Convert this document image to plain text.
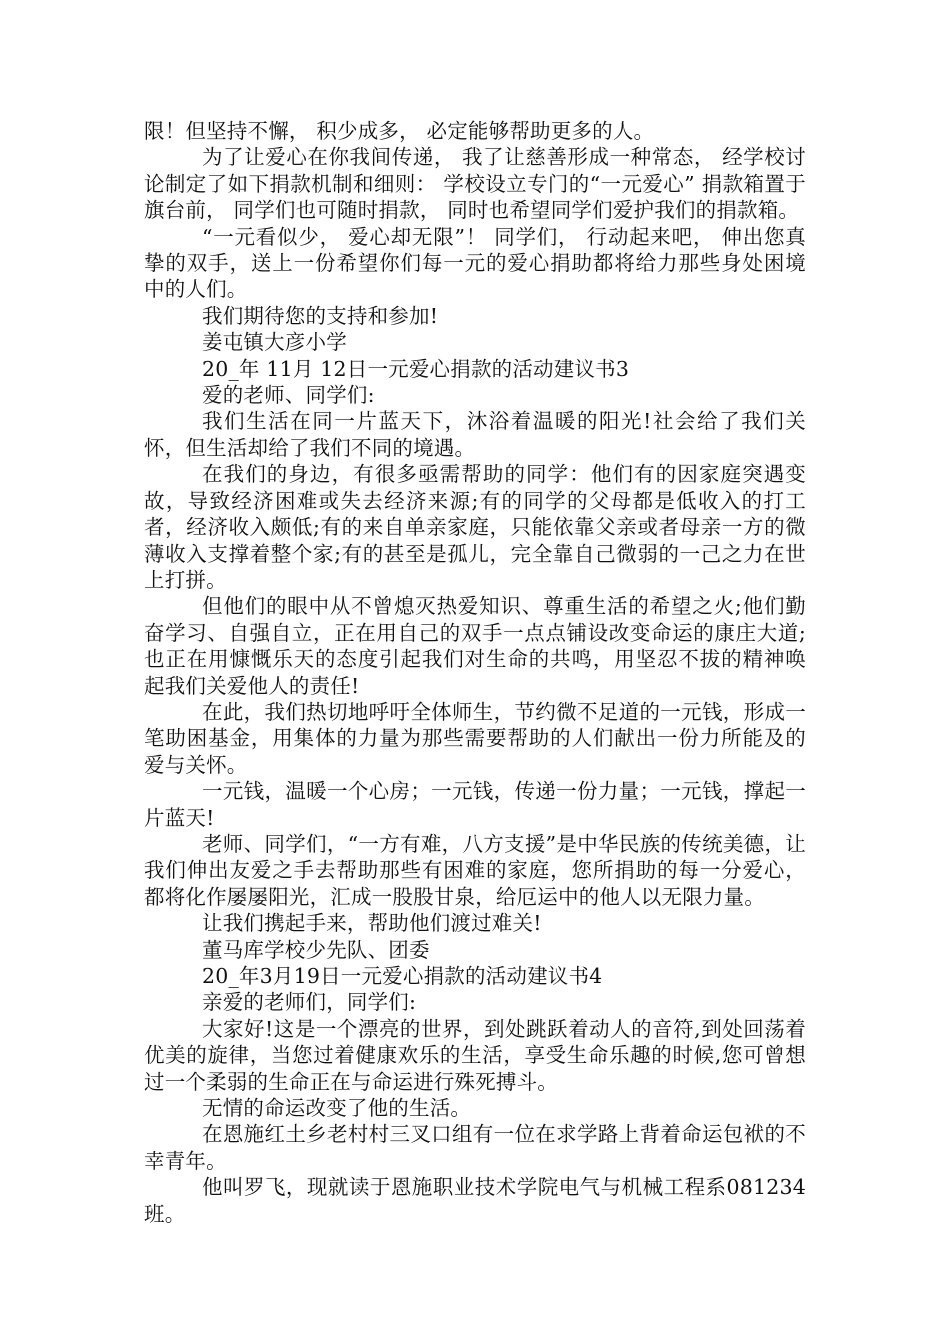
限！但坚持不懈， 积少成多， 必定能够帮助更多的人。

为了让爱心在你我间传递， 我了让慈善形成一种常态， 经学校讨论制定了如下捐款机制和细则： 学校设立专门的“一元爱心” 捐款箱置于旗台前， 同学们也可随时捐款， 同时也希望同学们爱护我们的捐款箱。

“一元看似少， 爱心却无限”！ 同学们， 行动起来吧， 伸出您真挚的双手，送上一份希望你们每一元的爱心捐助都将给力那些身处困境中的人们。

我们期待您的支持和参加!

姜屯镇大彦小学

20_年 11月 12日一元爱心捐款的活动建议书3

爱的老师、同学们:

我们生活在同一片蓝天下，沐浴着温暖的阳光!社会给了我们关怀，但生活却给了我们不同的境遇。

在我们的身边，有很多亟需帮助的同学：他们有的因家庭突遇变故，导致经济困难或失去经济来源;有的同学的父母都是低收入的打工者，经济收入颇低;有的来自单亲家庭，只能依靠父亲或者母亲一方的微薄收入支撑着整个家;有的甚至是孤儿，完全靠自己微弱的一己之力在世上打拼。

但他们的眼中从不曾熄灭热爱知识、尊重生活的希望之火;他们勤奋学习、自强自立，正在用自己的双手一点点铺设改变命运的康庄大道;也正在用慷慨乐天的态度引起我们对生命的共鸣，用坚忍不拔的精神唤起我们关爱他人的责任!

在此，我们热切地呼吁全体师生，节约微不足道的一元钱，形成一笔助困基金，用集体的力量为那些需要帮助的人们献出一份力所能及的爱与关怀。

一元钱，温暖一个心房；一元钱，传递一份力量；一元钱，撑起一片蓝天!

老师、同学们，“一方有难，八方支援”是中华民族的传统美德，让我们伸出友爱之手去帮助那些有困难的家庭，您所捐助的每一分爱心，都将化作屡屡阳光，汇成一股股甘泉，给厄运中的他人以无限力量。

让我们携起手来，帮助他们渡过难关!

董马库学校少先队、团委

20_年3月19日一元爱心捐款的活动建议书4

亲爱的老师们，同学们:

大家好!这是一个漂亮的世界，到处跳跃着动人的音符,到处回荡着优美的旋律，当您过着健康欢乐的生活，享受生命乐趣的时候,您可曾想过一个柔弱的生命正在与命运进行殊死搏斗。

无情的命运改变了他的生活。

在恩施红土乡老村村三叉口组有一位在求学路上背着命运包袱的不幸青年。

他叫罗飞，现就读于恩施职业技术学院电气与机械工程系081234班。
